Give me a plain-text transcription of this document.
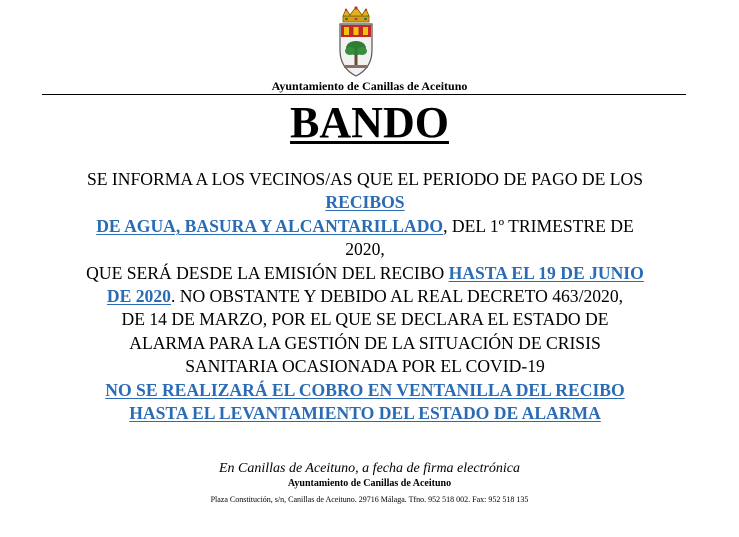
Ayuntamiento de Canillas de Aceituno
BANDO
SE INFORMA A LOS VECINOS/AS QUE EL PERIODO DE PAGO DE LOS
RECIBOS
DE AGUA, BASURA Y ALCANTARILLADO, DEL 1º TRIMESTRE DE
2020,
QUE SERÁ DESDE LA EMISIÓN DEL RECIBO HASTA EL 19 DE JUNIO
DE 2020. NO OBSTANTE Y DEBIDO AL REAL DECRETO 463/2020,
DE 14 DE MARZO, POR EL QUE SE DECLARA EL ESTADO DE
ALARMA PARA LA GESTIÓN DE LA SITUACIÓN DE CRISIS
SANITARIA OCASIONADA POR EL COVID-19
NO SE REALIZARÁ EL COBRO EN VENTANILLA DEL RECIBO
HASTA EL LEVANTAMIENTO DEL ESTADO DE ALARMA
En Canillas de Aceituno, a fecha de firma electrónica
Ayuntamiento de Canillas de Aceituno
Plaza Constitución, s/n, Canillas de Aceituno. 29716 Málaga. Tfno. 952 518 002. Fax: 952 518 135
